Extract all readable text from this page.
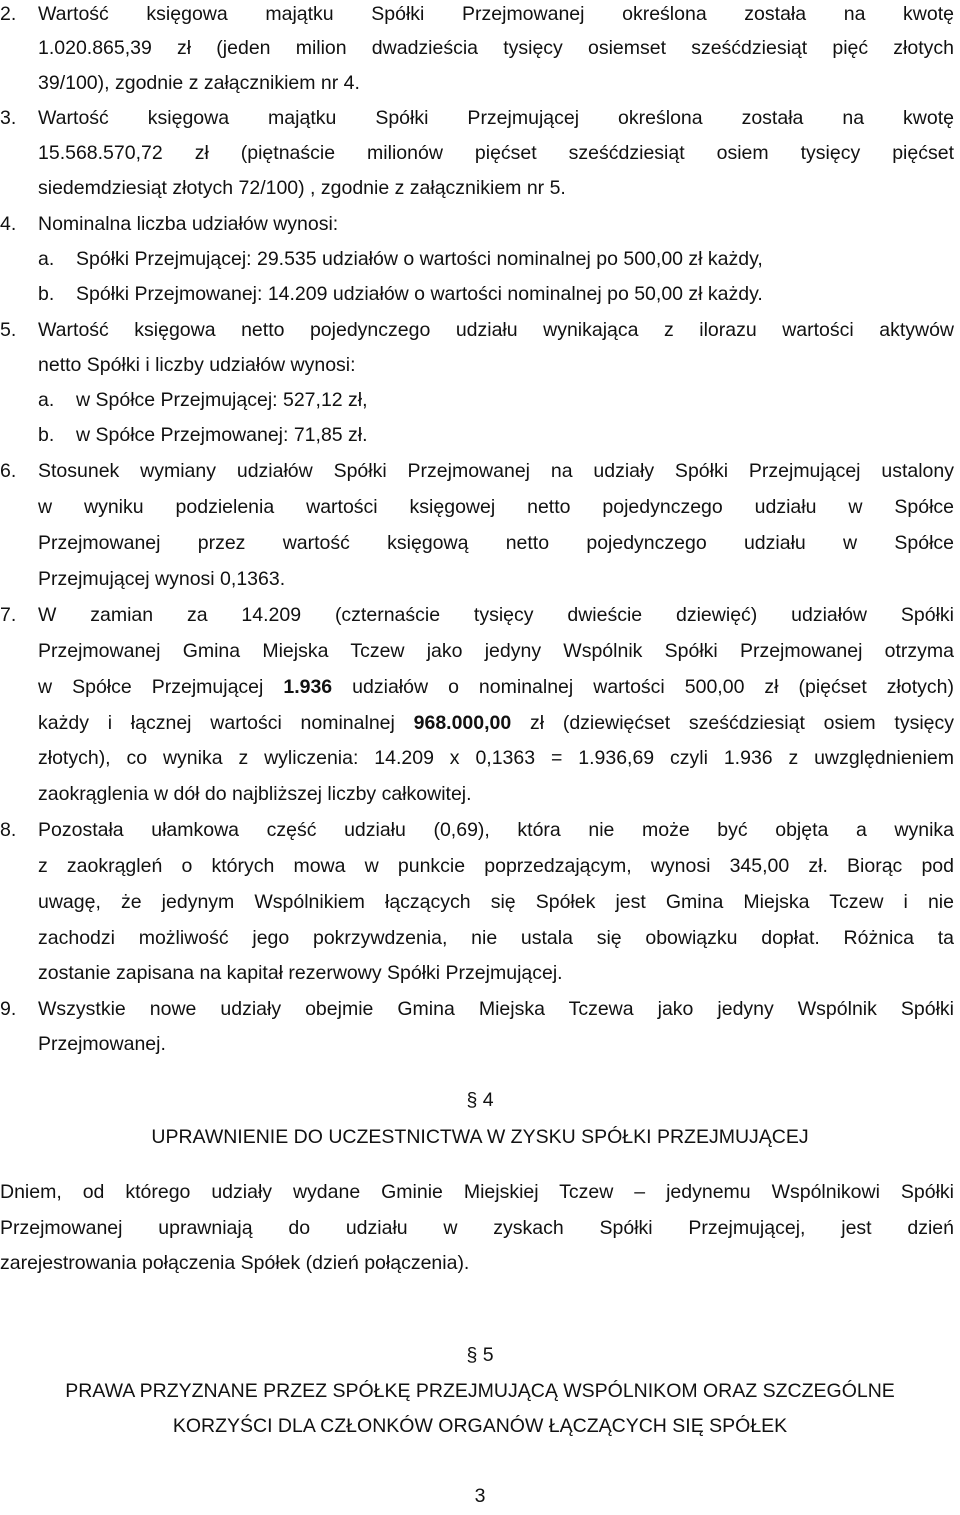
2. Wartość księgowa majątku Spółki Przejmowanej określona została na kwotę
1.020.865,39 zł (jeden milion dwadzieścia tysięcy osiemset sześćdziesiąt pięć złotych
39/100), zgodnie z załącznikiem nr 4.
3. Wartość księgowa majątku Spółki Przejmującej określona została na kwotę
15.568.570,72 zł (piętnaście milionów pięćset sześćdziesiąt osiem tysięcy pięćset
siedemdziesiąt złotych 72/100) , zgodnie z załącznikiem nr 5.
4. Nominalna liczba udziałów wynosi:
a. Spółki Przejmującej: 29.535 udziałów o wartości nominalnej po 500,00 zł każdy,
b. Spółki Przejmowanej: 14.209 udziałów o wartości nominalnej po 50,00 zł każdy.
5. Wartość księgowa netto pojedynczego udziału wynikająca z ilorazu wartości aktywów
netto Spółki i liczby udziałów wynosi:
a. w Spółce Przejmującej: 527,12 zł,
b. w Spółce Przejmowanej: 71,85 zł.
6. Stosunek wymiany udziałów Spółki Przejmowanej na udziały Spółki Przejmującej ustalony
w wyniku podzielenia wartości księgowej netto pojedynczego udziału w Spółce
Przejmowanej przez wartość księgową netto pojedynczego udziału w Spółce
Przejmującej wynosi 0,1363.
7. W zamian za 14.209 (czternaście tysięcy dwieście dziewięć) udziałów Spółki
Przejmowanej Gmina Miejska Tczew jako jedyny Wspólnik Spółki Przejmowanej otrzyma
w Spółce Przejmującej 1.936 udziałów o nominalnej wartości 500,00 zł (pięćset złotych)
każdy i łącznej wartości nominalnej 968.000,00 zł (dziewięćset sześćdziesiąt osiem tysięcy
złotych), co wynika z wyliczenia: 14.209 x 0,1363 = 1.936,69 czyli 1.936 z uwzględnieniem
zaokrąglenia w dół do najbliższej liczby całkowitej.
8. Pozostała ułamkowa część udziału (0,69), która nie może być objęta a wynika
z zaokrągleń o których mowa w punkcie poprzedzającym, wynosi 345,00 zł. Biorąc pod
uwagę, że jedynym Wspólnikiem łączących się Spółek jest Gmina Miejska Tczew i nie
zachodzi możliwość jego pokrzywdzenia, nie ustala się obowiązku dopłat. Różnica ta
zostanie zapisana na kapitał rezerwowy Spółki Przejmującej.
9. Wszystkie nowe udziały obejmie Gmina Miejska Tczewa jako jedyny Wspólnik Spółki
Przejmowanej.
§ 4
UPRAWNIENIE DO UCZESTNICTWA W ZYSKU SPÓŁKI PRZEJMUJĄCEJ
Dniem, od którego udziały wydane Gminie Miejskiej Tczew – jedynemu Wspólnikowi Spółki
Przejmowanej uprawniają do udziału w zyskach Spółki Przejmującej, jest dzień
zarejestrowania połączenia Spółek (dzień połączenia).
§ 5
PRAWA PRZYZNANE PRZEZ SPÓŁKĘ PRZEJMUJĄCĄ WSPÓLNIKOM ORAZ SZCZEGÓLNE
KORZYŚCI DLA CZŁONKÓW ORGANÓW ŁĄCZĄCYCH SIĘ SPÓŁEK
3
